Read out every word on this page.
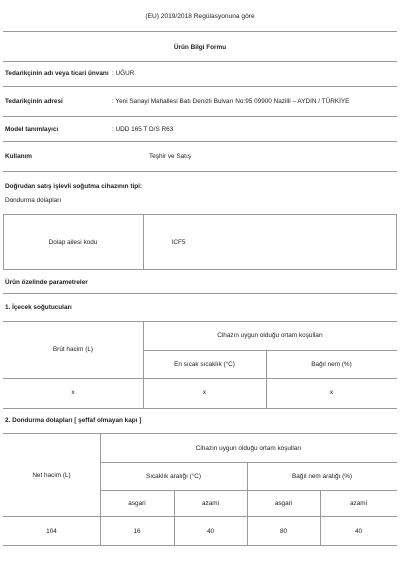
(EU) 2019/2018 Regülasyonuna göre
Ürün Bilgi Formu
Tedarikçinin adı veya ticari ünvanı : UĞUR
Tedarikçinin adresi	: Yeni Sanayi Mahallesi Batı Denizli Bulvarı No:95 09900 Nazilli – AYDIN / TÜRKİYE
Model tanımlayıcı	: UDD 165 T D/S R63
Kullanım	Teşhir ve Satış
Doğrudan satış işlevli soğutma cihazının tipi:
Dondurma dolapları
Dolap ailesi kodu	ICF5
Ürün özelinde parametreler
1. İçecek soğutucuları
Brüt hacim (L)
Cihazın uygun olduğu ortam koşulları
En sıcak sıcaklık (°C)	Bağıl nem (%)
x	x	x
2. Dondurma dolapları [ şeffaf olmayan kapı ]
Net hacim (L)
Cihazın uygun olduğu ortam koşulları
Sıcaklık aralığı (°C)	Bağıl nem aralığı (%)
asgari	azami	asgari	azami
104	16	40	80	40
